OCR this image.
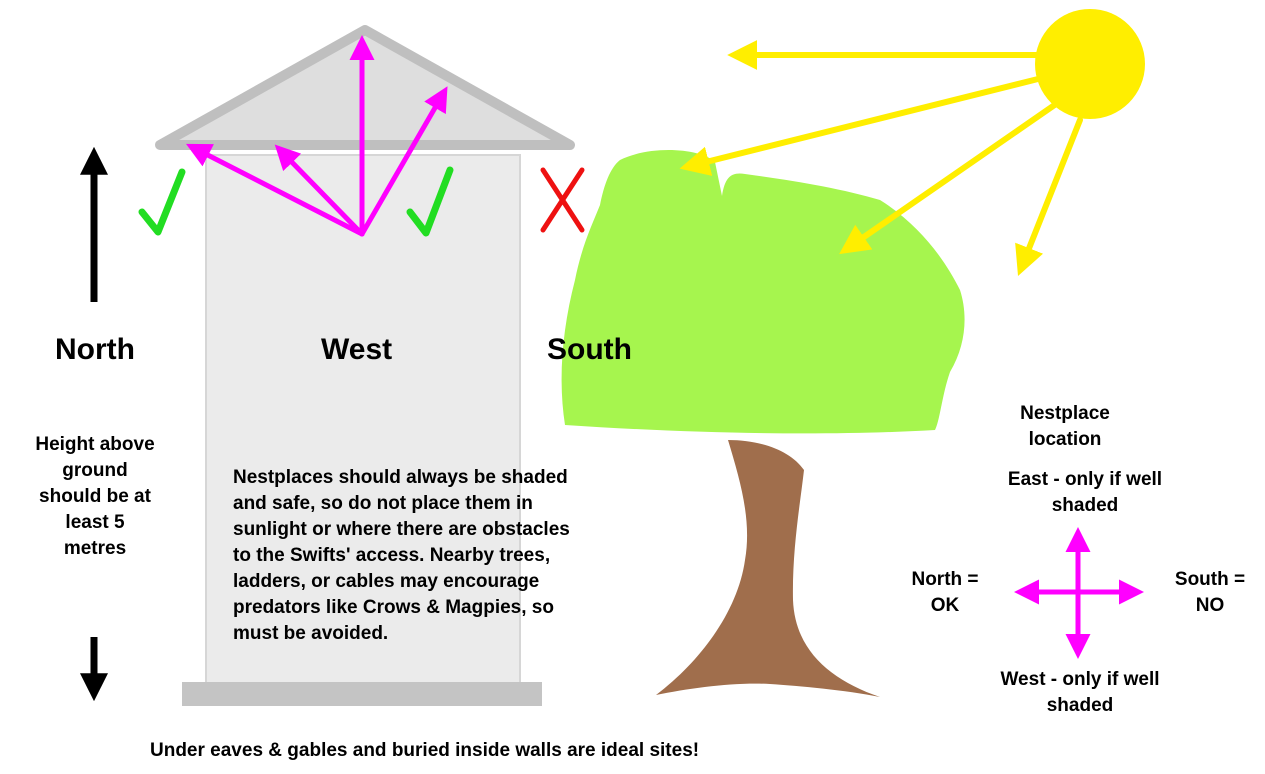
North	West	South
Height above
ground
should be at
least 5
metres
Nestplaces should always be shaded
and safe, so do not place them in
sunlight or where there are obstacles
to the Swifts' access. Nearby trees,
ladders, or cables may encourage
predators like Crows & Magpies, so
must be avoided.
Nestplace
location
East - only if well
shaded
North =
OK
South =
NO
West - only if well
shaded
Under eaves & gables and buried inside walls are ideal sites!
